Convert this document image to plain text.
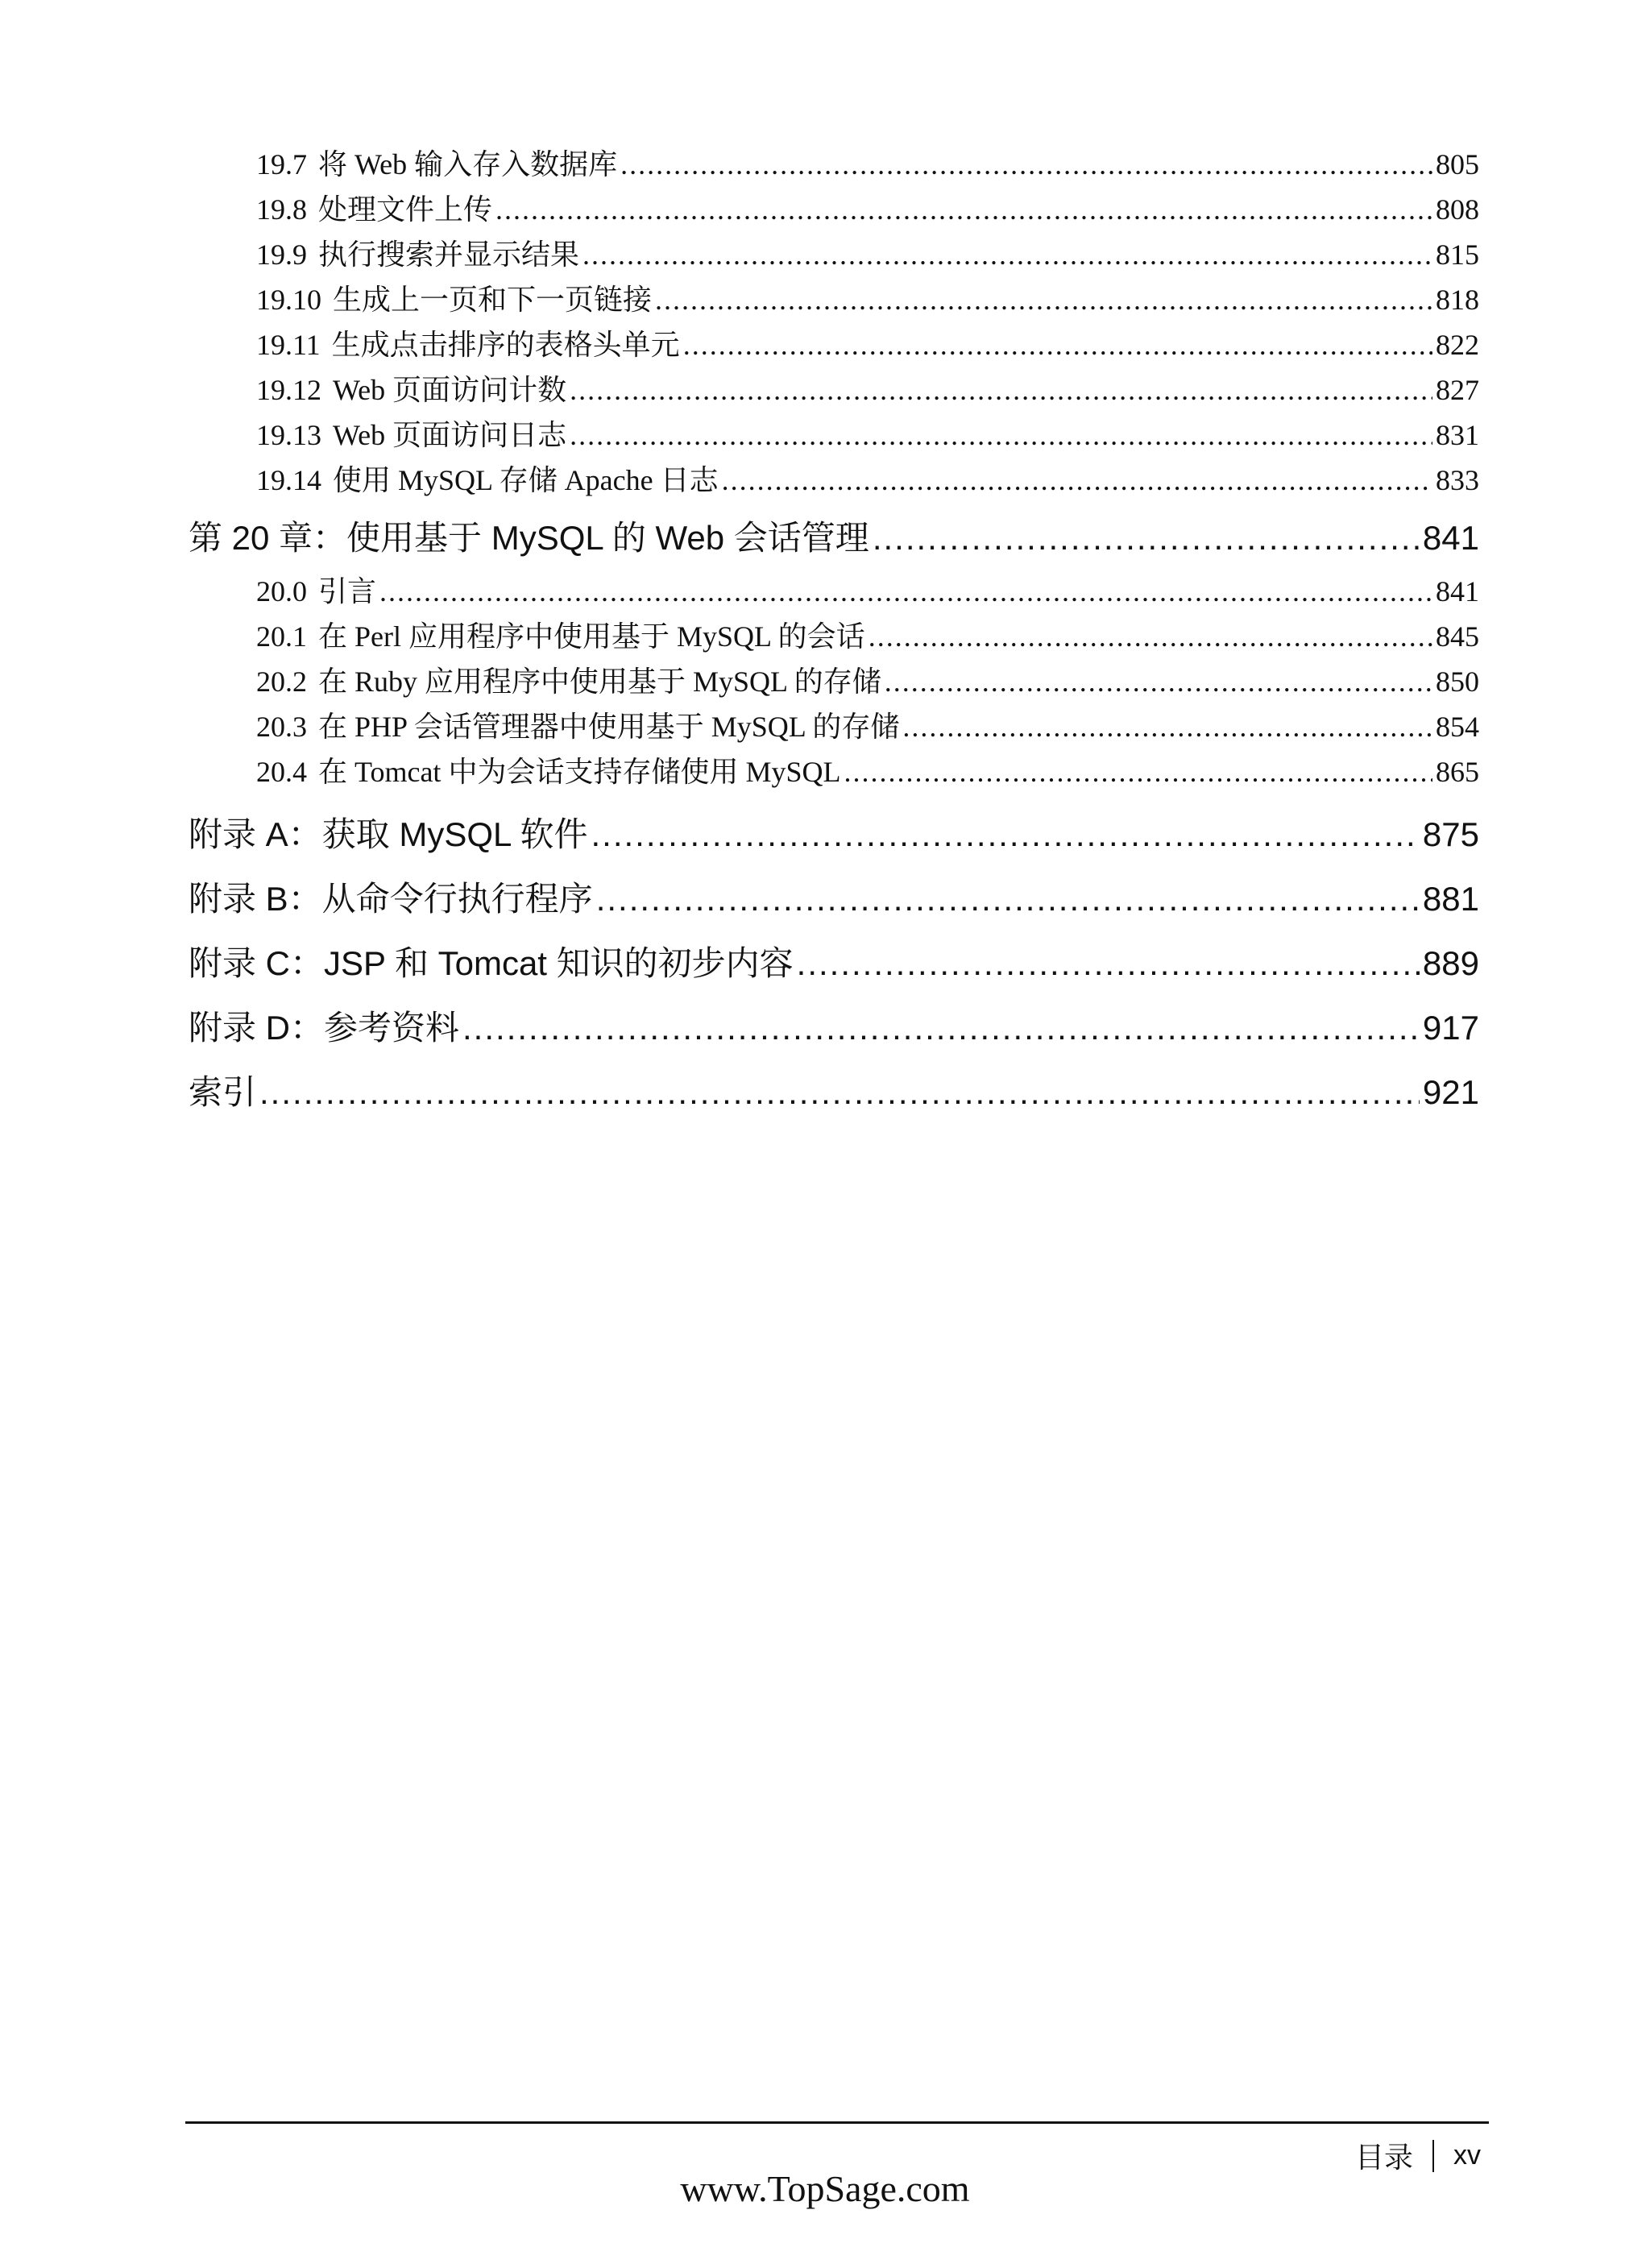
19.7 将 Web 输入存入数据库 .....	805
19.8 处理文件上传 .....	808
19.9 执行搜索并显示结果 .....	815
19.10 生成上一页和下一页链接 .....	818
19.11 生成点击排序的表格头单元 .....	822
19.12 Web 页面访问计数 .....	827
19.13 Web 页面访问日志 .....	831
19.14 使用 MySQL 存储 Apache 日志 .....	833
第 20 章：使用基于 MySQL 的 Web 会话管理 .....	841
20.0 引言 .....	841
20.1 在 Perl 应用程序中使用基于 MySQL 的会话 .....	845
20.2 在 Ruby 应用程序中使用基于 MySQL 的存储 .....	850
20.3 在 PHP 会话管理器中使用基于 MySQL 的存储 .....	854
20.4 在 Tomcat 中为会话支持存储使用 MySQL .....	865
附录 A：获取 MySQL 软件 .....	875
附录 B：从命令行执行程序 .....	881
附录 C：JSP 和 Tomcat 知识的初步内容 .....	889
附录 D：参考资料 .....	917
索引 .....	921
目录 xv
www.TopSage.com
